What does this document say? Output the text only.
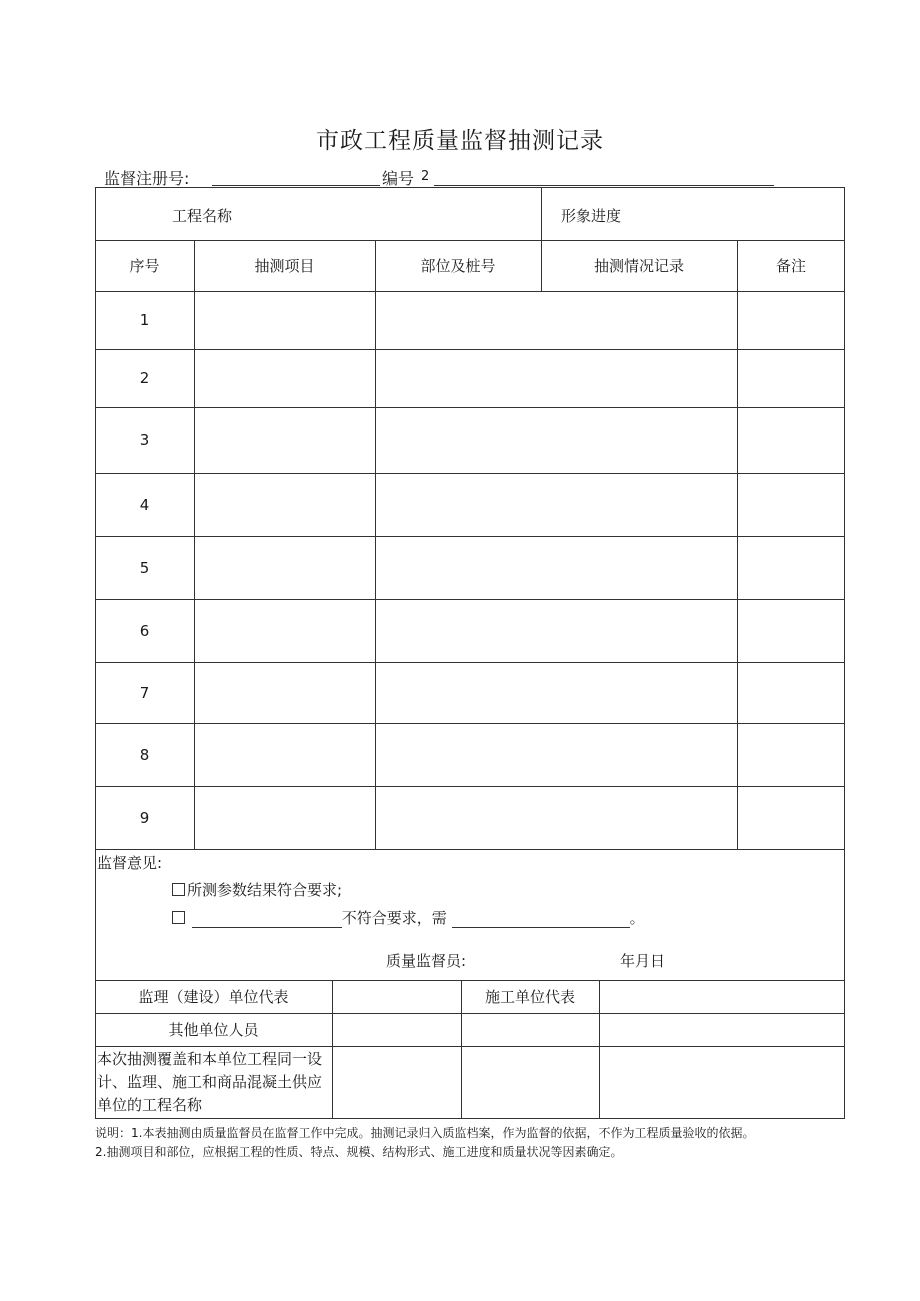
市政工程质量监督抽测记录
监督注册号:	编号 2
工程名称	形象进度
序号	抽测项目	部位及桩号	抽测情况记录	备注
1
2
3
4
5
6
7
8
9
监督意见:
所测参数结果符合要求;
不符合要求，需	。
质量监督员:	年月日
监理（建设）单位代表	施工单位代表
其他单位人员
本次抽测覆盖和本单位工程同一设计、监理、施工和商品混凝土供应单位的工程名称

说明：1.本表抽测由质量监督员在监督工作中完成。抽测记录归入质监档案，作为监督的依据，不作为工程质量验收的依据。

2.抽测项目和部位，应根据工程的性质、特点、规模、结构形式、施工进度和质量状况等因素确定。
